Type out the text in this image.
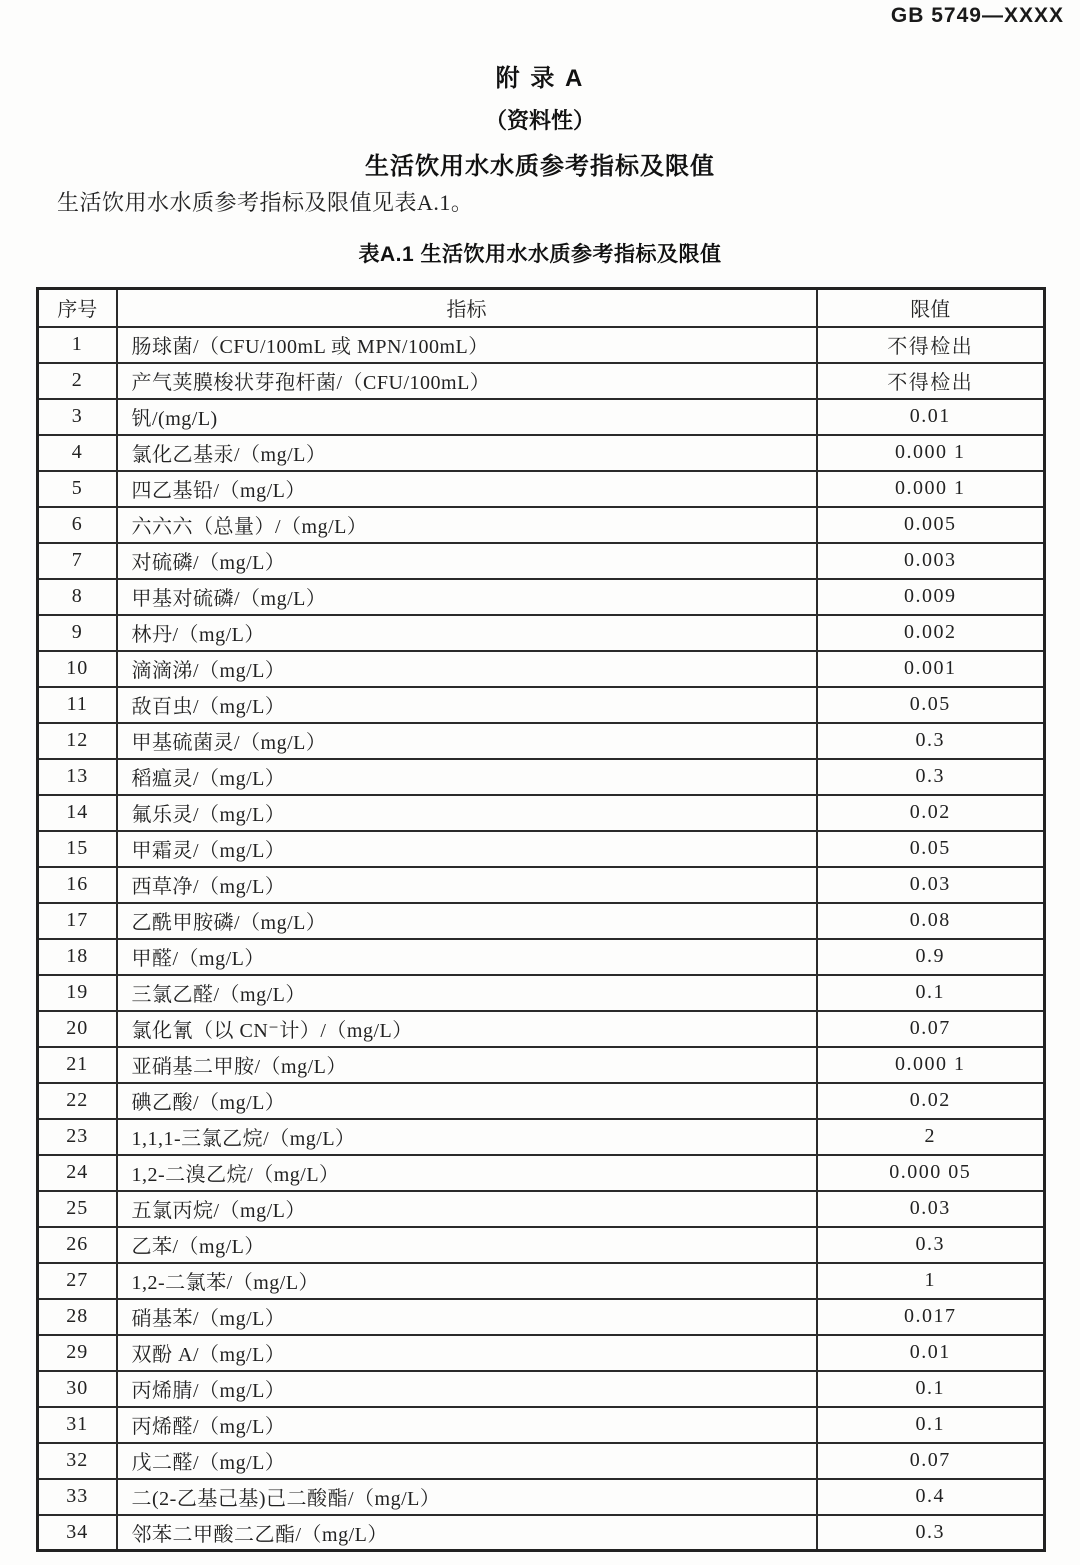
GB 5749—XXXX
附 录 A
（资料性）
生活饮用水水质参考指标及限值
生活饮用水水质参考指标及限值见表A.1。
表A.1 生活饮用水水质参考指标及限值
序号	指标	限值
1	肠球菌/（CFU/100mL 或 MPN/100mL）	不得检出
2	产气荚膜梭状芽孢杆菌/（CFU/100mL）	不得检出
3	钒/(mg/L)	0.01
4	氯化乙基汞/（mg/L）	0.000 1
5	四乙基铅/（mg/L）	0.000 1
6	六六六（总量）/（mg/L）	0.005
7	对硫磷/（mg/L）	0.003
8	甲基对硫磷/（mg/L）	0.009
9	林丹/（mg/L）	0.002
10	滴滴涕/（mg/L）	0.001
11	敌百虫/（mg/L）	0.05
12	甲基硫菌灵/（mg/L）	0.3
13	稻瘟灵/（mg/L）	0.3
14	氟乐灵/（mg/L）	0.02
15	甲霜灵/（mg/L）	0.05
16	西草净/（mg/L）	0.03
17	乙酰甲胺磷/（mg/L）	0.08
18	甲醛/（mg/L）	0.9
19	三氯乙醛/（mg/L）	0.1
20	氯化氰（以 CN⁻计）/（mg/L）	0.07
21	亚硝基二甲胺/（mg/L）	0.000 1
22	碘乙酸/（mg/L）	0.02
23	1,1,1-三氯乙烷/（mg/L）	2
24	1,2-二溴乙烷/（mg/L）	0.000 05
25	五氯丙烷/（mg/L）	0.03
26	乙苯/（mg/L）	0.3
27	1,2-二氯苯/（mg/L）	1
28	硝基苯/（mg/L）	0.017
29	双酚 A/（mg/L）	0.01
30	丙烯腈/（mg/L）	0.1
31	丙烯醛/（mg/L）	0.1
32	戊二醛/（mg/L）	0.07
33	二(2-乙基己基)己二酸酯/（mg/L）	0.4
34	邻苯二甲酸二乙酯/（mg/L）	0.3
